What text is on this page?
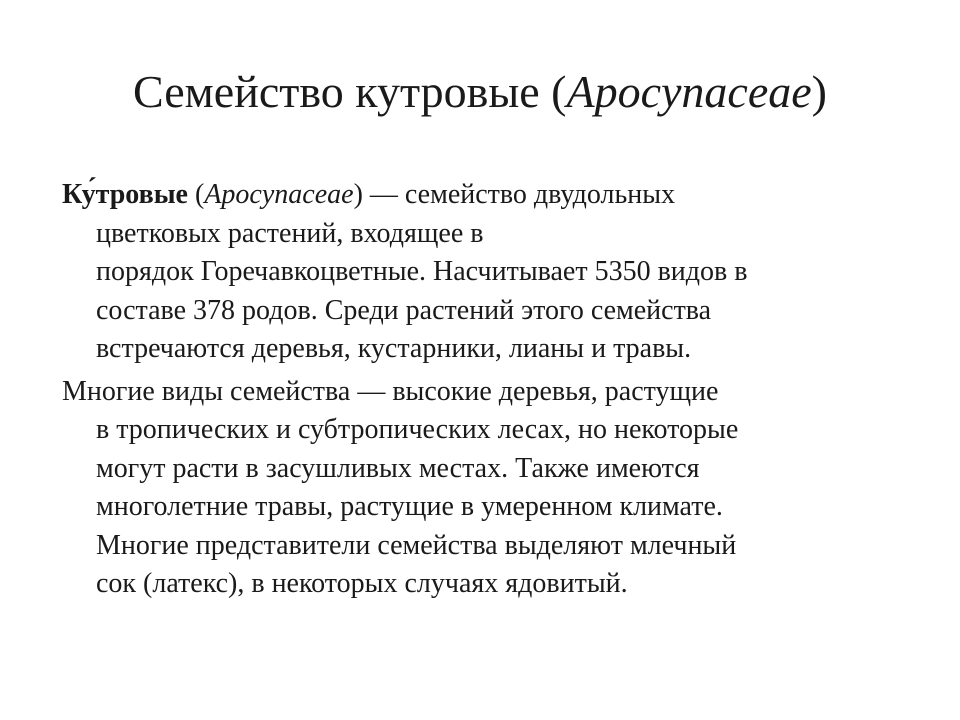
Семейство кутровые (Apocynaceae)
Ку́тровые (Apocynaceae) — семейство двудольных
цветковых растений, входящее в
порядок Горечавкоцветные. Насчитывает 5350 видов в
составе 378 родов. Среди растений этого семейства
встречаются деревья, кустарники, лианы и травы.
Многие виды семейства — высокие деревья, растущие
в тропических и субтропических лесах, но некоторые
могут расти в засушливых местах. Также имеются
многолетние травы, растущие в умеренном климате.
Многие представители семейства выделяют млечный
сок (латекс), в некоторых случаях ядовитый.
